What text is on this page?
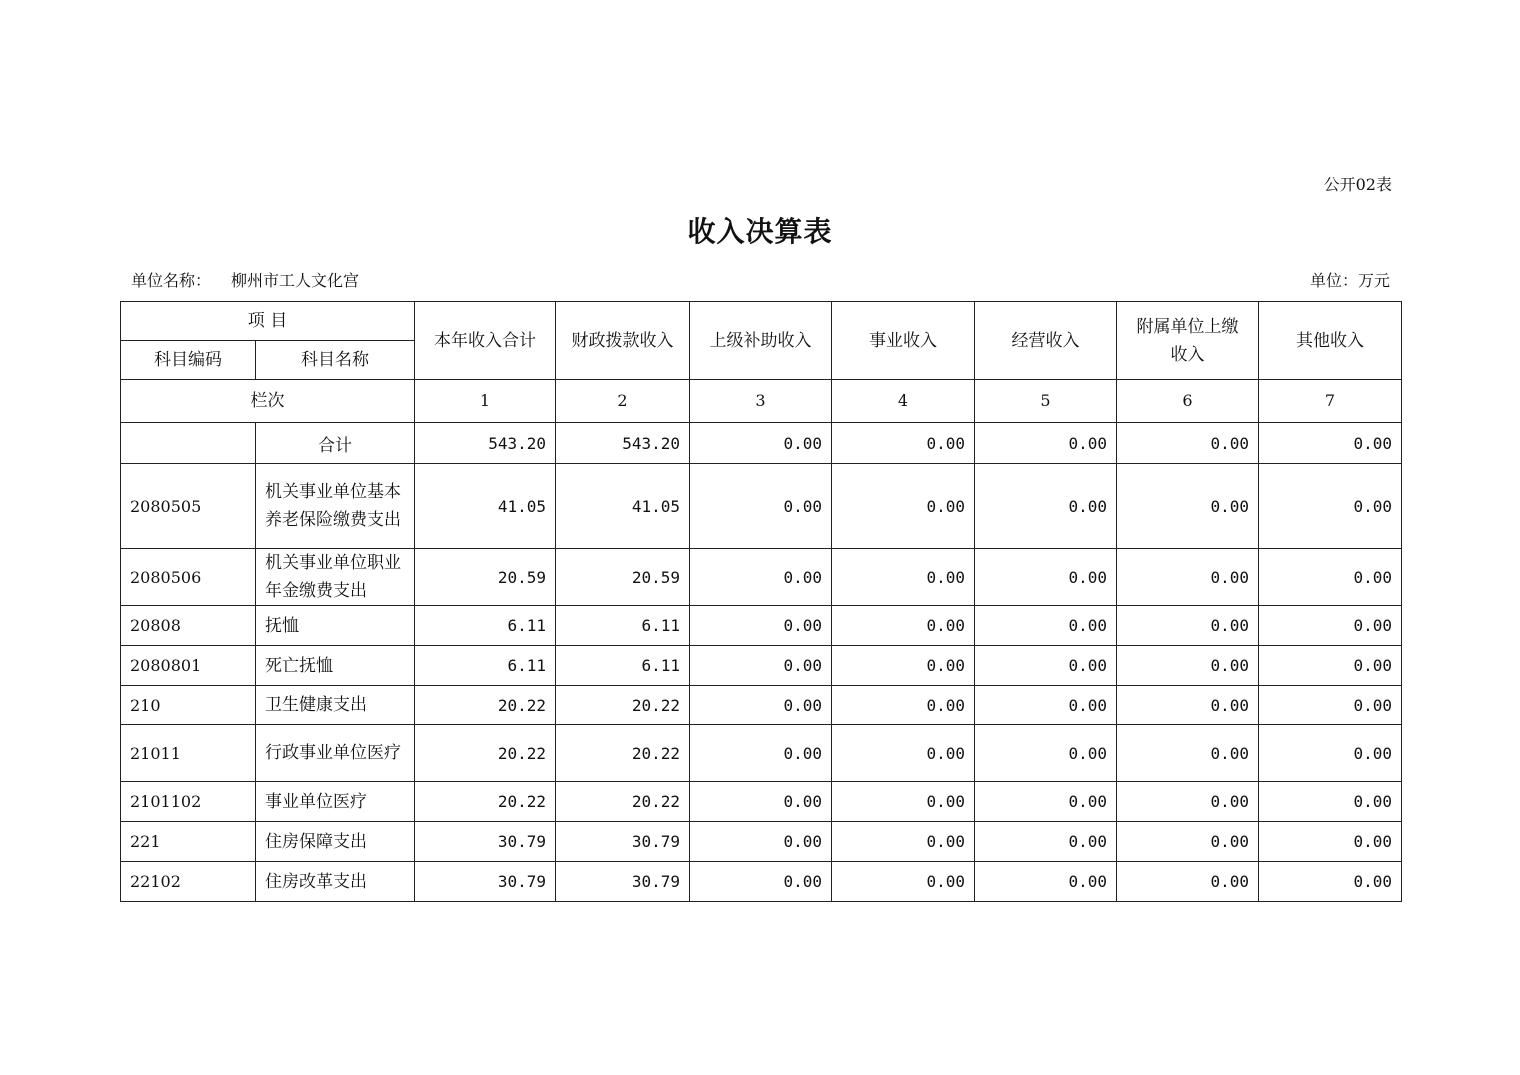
公开02表
收入决算表
单位名称： 柳州市工人文化宫	单位：万元
项 目		本年收入合计	财政拨款收入	上级补助收入	事业收入	经营收入	附属单位上缴收入	其他收入
科目编码	科目名称							
栏次		1	2	3	4	5	6	7
	合计	543.20	543.20	0.00	0.00	0.00	0.00	0.00
2080505	机关事业单位基本养老保险缴费支出	41.05	41.05	0.00	0.00	0.00	0.00	0.00
2080506	机关事业单位职业年金缴费支出	20.59	20.59	0.00	0.00	0.00	0.00	0.00
20808	抚恤	6.11	6.11	0.00	0.00	0.00	0.00	0.00
2080801	死亡抚恤	6.11	6.11	0.00	0.00	0.00	0.00	0.00
210	卫生健康支出	20.22	20.22	0.00	0.00	0.00	0.00	0.00
21011	行政事业单位医疗	20.22	20.22	0.00	0.00	0.00	0.00	0.00
2101102	事业单位医疗	20.22	20.22	0.00	0.00	0.00	0.00	0.00
221	住房保障支出	30.79	30.79	0.00	0.00	0.00	0.00	0.00
22102	住房改革支出	30.79	30.79	0.00	0.00	0.00	0.00	0.00
